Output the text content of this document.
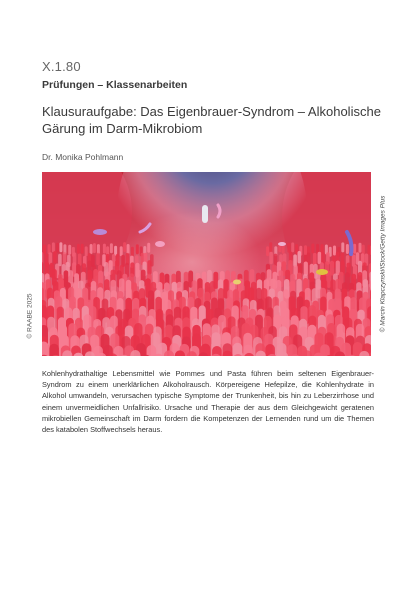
X.1.80
Prüfungen – Klassenarbeiten
Klausuraufgabe: Das Eigenbrauer-Syndrom – Alkoholische Gärung im Darm-Mikrobiom
Dr. Monika Pohlmann
© Marcin Klapczynski/iStock/Getty Images Plus
© RAABE 2025

Kohlenhydrathaltige Lebensmittel wie Pommes und Pasta führen beim seltenen Eigenbrauer-Syndrom zu einem unerklärlichen Alkoholrausch. Körpereigene Hefepilze, die Kohlenhydrate in Alkohol umwandeln, verursachen typische Symptome der Trunkenheit, bis hin zu Leberzirrhose und einem unvermeidlichen Unfallrisiko. Ursache und Therapie der aus dem Gleichgewicht geratenen mikrobiellen Gemeinschaft im Darm fordern die Kompetenzen der Lernenden rund um die Themen des katabolen Stoffwechsels heraus.
